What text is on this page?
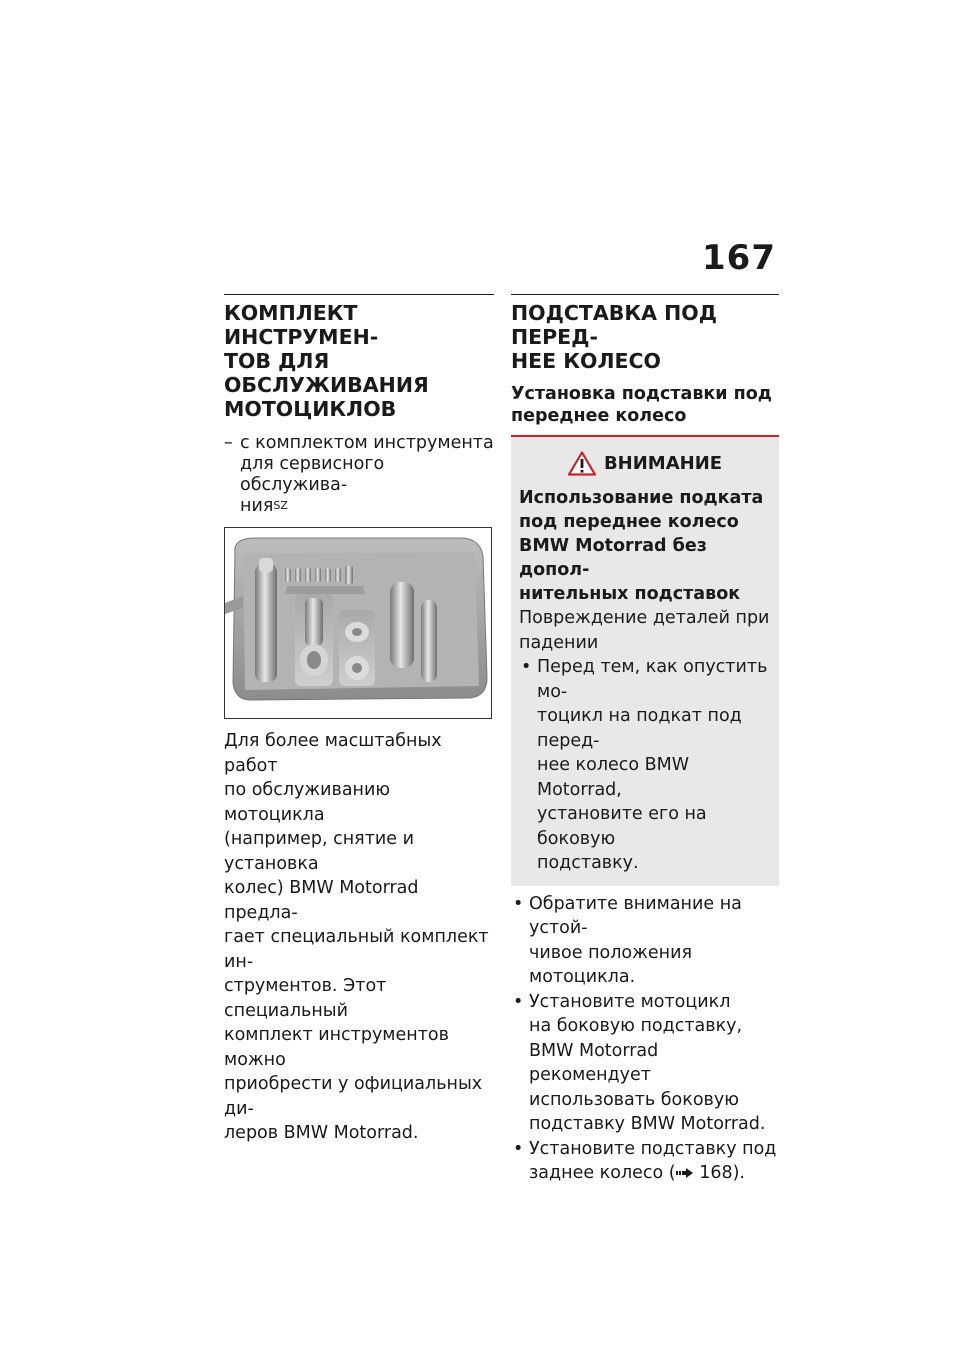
167
КОМПЛЕКТ ИНСТРУМЕН-
ТОВ ДЛЯ ОБСЛУЖИВАНИЯ
МОТОЦИКЛОВ
– с комплектом инструмента
для сервисного обслужива-
ния$^{SZ}$
Для более масштабных работ
по обслуживанию мотоцикла
(например, снятие и установка
колес) BMW Motorrad предла-
гает специальный комплект ин-
струментов. Этот специальный
комплект инструментов можно
приобрести у официальных ди-
леров BMW Motorrad.
ПОДСТАВКА ПОД ПЕРЕД-
НЕЕ КОЛЕСО
Установка подставки под
переднее колесо
ВНИМАНИЕ
Использование подката
под переднее колесо
BMW Motorrad без допол-
нительных подставок
Повреждение деталей при
падении
• Перед тем, как опустить мо-
тоцикл на подкат под перед-
нее колесо BMW Motorrad,
установите его на боковую
подставку.
• Обратите внимание на устой-
чивое положения мотоцикла.
• Установите мотоцикл
на боковую подставку,
BMW Motorrad рекомендует
использовать боковую
подставку BMW Motorrad.
• Установите подставку под
заднее колесо ( 168).
